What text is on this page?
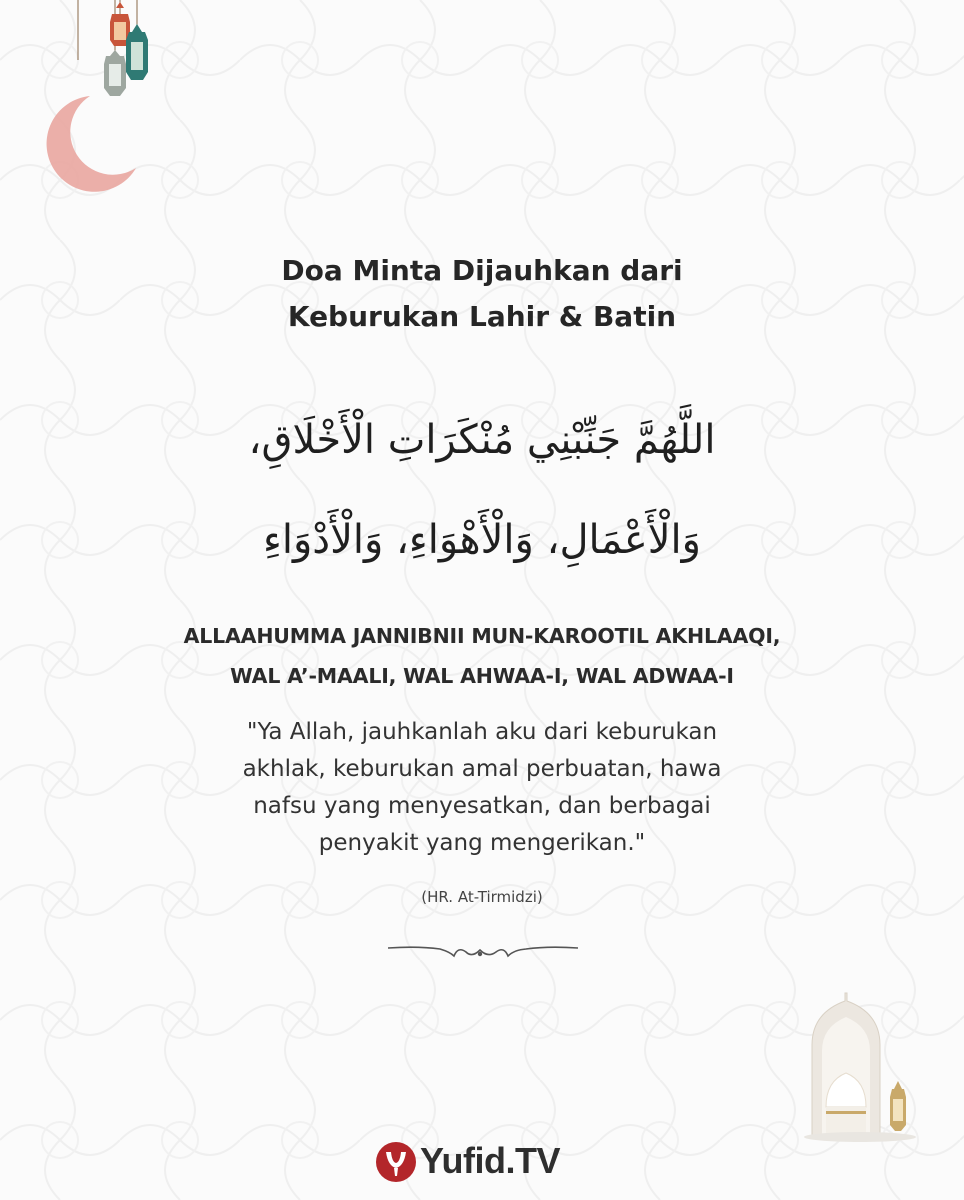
Doa Minta Dijauhkan dari
Keburukan Lahir & Batin
اللَّهُمَّ جَنِّبْنِي مُنْكَرَاتِ الْأَخْلَاقِ،
وَالْأَعْمَالِ، وَالْأَهْوَاءِ، وَالْأَدْوَاءِ
ALLAAHUMMA JANNIBNII MUN-KAROOTIL AKHLAAQI,
WAL A’-MAALI, WAL AHWAA-I, WAL ADWAA-I
"Ya Allah, jauhkanlah aku dari keburukan
akhlak, keburukan amal perbuatan, hawa
nafsu yang menyesatkan, dan berbagai
penyakit yang mengerikan."
(HR. At-Tirmidzi)
Yufid.TV
